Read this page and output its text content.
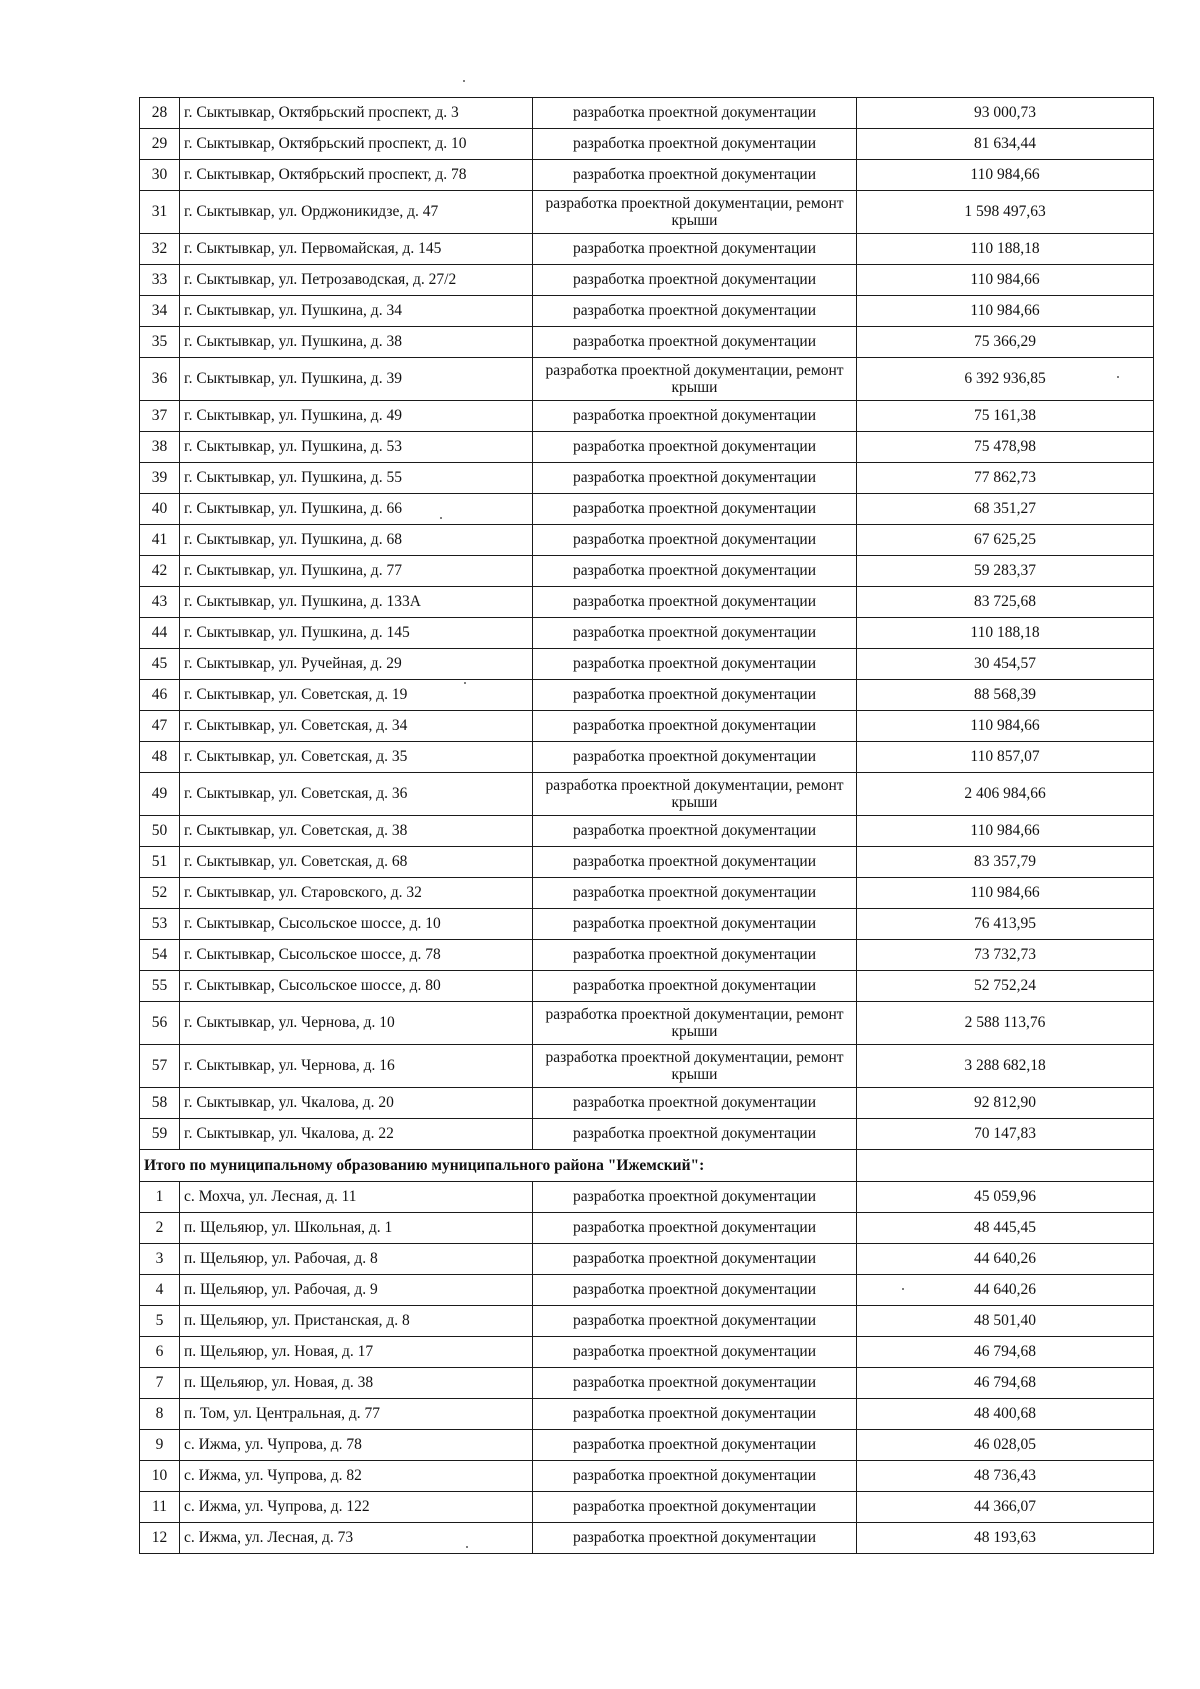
28	г. Сыктывкар, Октябрьский проспект, д. 3	разработка проектной документации	93 000,73
29	г. Сыктывкар, Октябрьский проспект, д. 10	разработка проектной документации	81 634,44
30	г. Сыктывкар, Октябрьский проспект, д. 78	разработка проектной документации	110 984,66
31	г. Сыктывкар, ул. Орджоникидзе, д. 47	разработка проектной документации, ремонт крыши	1 598 497,63
32	г. Сыктывкар, ул. Первомайская, д. 145	разработка проектной документации	110 188,18
33	г. Сыктывкар, ул. Петрозаводская, д. 27/2	разработка проектной документации	110 984,66
34	г. Сыктывкар, ул. Пушкина, д. 34	разработка проектной документации	110 984,66
35	г. Сыктывкар, ул. Пушкина, д. 38	разработка проектной документации	75 366,29
36	г. Сыктывкар, ул. Пушкина, д. 39	разработка проектной документации, ремонт крыши	6 392 936,85
37	г. Сыктывкар, ул. Пушкина, д. 49	разработка проектной документации	75 161,38
38	г. Сыктывкар, ул. Пушкина, д. 53	разработка проектной документации	75 478,98
39	г. Сыктывкар, ул. Пушкина, д. 55	разработка проектной документации	77 862,73
40	г. Сыктывкар, ул. Пушкина, д. 66	разработка проектной документации	68 351,27
41	г. Сыктывкар, ул. Пушкина, д. 68	разработка проектной документации	67 625,25
42	г. Сыктывкар, ул. Пушкина, д. 77	разработка проектной документации	59 283,37
43	г. Сыктывкар, ул. Пушкина, д. 133А	разработка проектной документации	83 725,68
44	г. Сыктывкар, ул. Пушкина, д. 145	разработка проектной документации	110 188,18
45	г. Сыктывкар, ул. Ручейная, д. 29	разработка проектной документации	30 454,57
46	г. Сыктывкар, ул. Советская, д. 19	разработка проектной документации	88 568,39
47	г. Сыктывкар, ул. Советская, д. 34	разработка проектной документации	110 984,66
48	г. Сыктывкар, ул. Советская, д. 35	разработка проектной документации	110 857,07
49	г. Сыктывкар, ул. Советская, д. 36	разработка проектной документации, ремонт крыши	2 406 984,66
50	г. Сыктывкар, ул. Советская, д. 38	разработка проектной документации	110 984,66
51	г. Сыктывкар, ул. Советская, д. 68	разработка проектной документации	83 357,79
52	г. Сыктывкар, ул. Старовского, д. 32	разработка проектной документации	110 984,66
53	г. Сыктывкар, Сысольское шоссе, д. 10	разработка проектной документации	76 413,95
54	г. Сыктывкар, Сысольское шоссе, д. 78	разработка проектной документации	73 732,73
55	г. Сыктывкар, Сысольское шоссе, д. 80	разработка проектной документации	52 752,24
56	г. Сыктывкар, ул. Чернова, д. 10	разработка проектной документации, ремонт крыши	2 588 113,76
57	г. Сыктывкар, ул. Чернова, д. 16	разработка проектной документации, ремонт крыши	3 288 682,18
58	г. Сыктывкар, ул. Чкалова, д. 20	разработка проектной документации	92 812,90
59	г. Сыктывкар, ул. Чкалова, д. 22	разработка проектной документации	70 147,83
Итого по муниципальному образованию муниципального района "Ижемский":			
1	с. Мохча, ул. Лесная, д. 11	разработка проектной документации	45 059,96
2	п. Щельяюр, ул. Школьная, д. 1	разработка проектной документации	48 445,45
3	п. Щельяюр, ул. Рабочая, д. 8	разработка проектной документации	44 640,26
4	п. Щельяюр, ул. Рабочая, д. 9	разработка проектной документации	44 640,26
5	п. Щельяюр, ул. Пристанская, д. 8	разработка проектной документации	48 501,40
6	п. Щельяюр, ул. Новая, д. 17	разработка проектной документации	46 794,68
7	п. Щельяюр, ул. Новая, д. 38	разработка проектной документации	46 794,68
8	п. Том, ул. Центральная, д. 77	разработка проектной документации	48 400,68
9	с. Ижма, ул. Чупрова, д. 78	разработка проектной документации	46 028,05
10	с. Ижма, ул. Чупрова, д. 82	разработка проектной документации	48 736,43
11	с. Ижма, ул. Чупрова, д. 122	разработка проектной документации	44 366,07
12	с. Ижма, ул. Лесная, д. 73	разработка проектной документации	48 193,63
